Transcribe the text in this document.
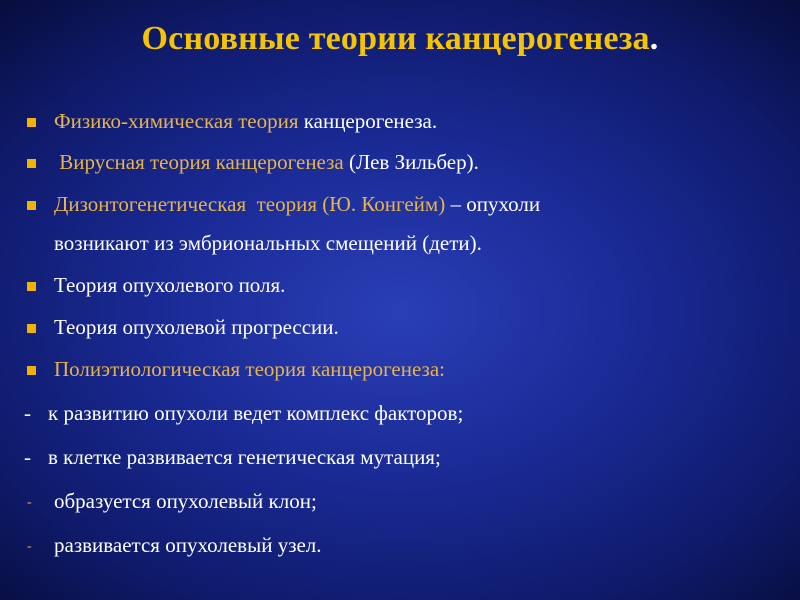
Основные теории канцерогенеза.
Физико-химическая теория канцерогенеза.
Вирусная теория канцерогенеза (Лев Зильбер).
Дизонтогенетическая  теория (Ю. Конгейм) – опухоли
возникают из эмбриональных смещений (дети).
Теория опухолевого поля.
Теория опухолевой прогрессии.
Полиэтиологическая теория канцерогенеза:
- к развитию опухоли ведет комплекс факторов;
- в клетке развивается генетическая мутация;
- образуется опухолевый клон;
- развивается опухолевый узел.
